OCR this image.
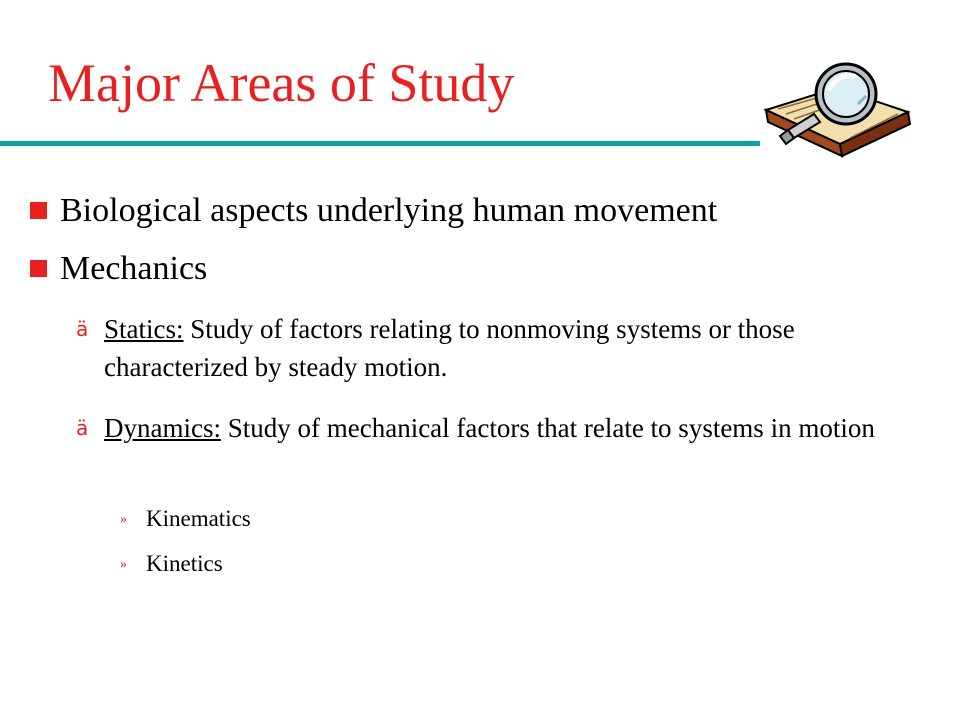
Major Areas of Study
Biological aspects underlying human movement
Mechanics
ä Statics: Study of factors relating to nonmoving systems or those characterized by steady motion.
ä Dynamics: Study of mechanical factors that relate to systems in motion
» Kinematics
» Kinetics
